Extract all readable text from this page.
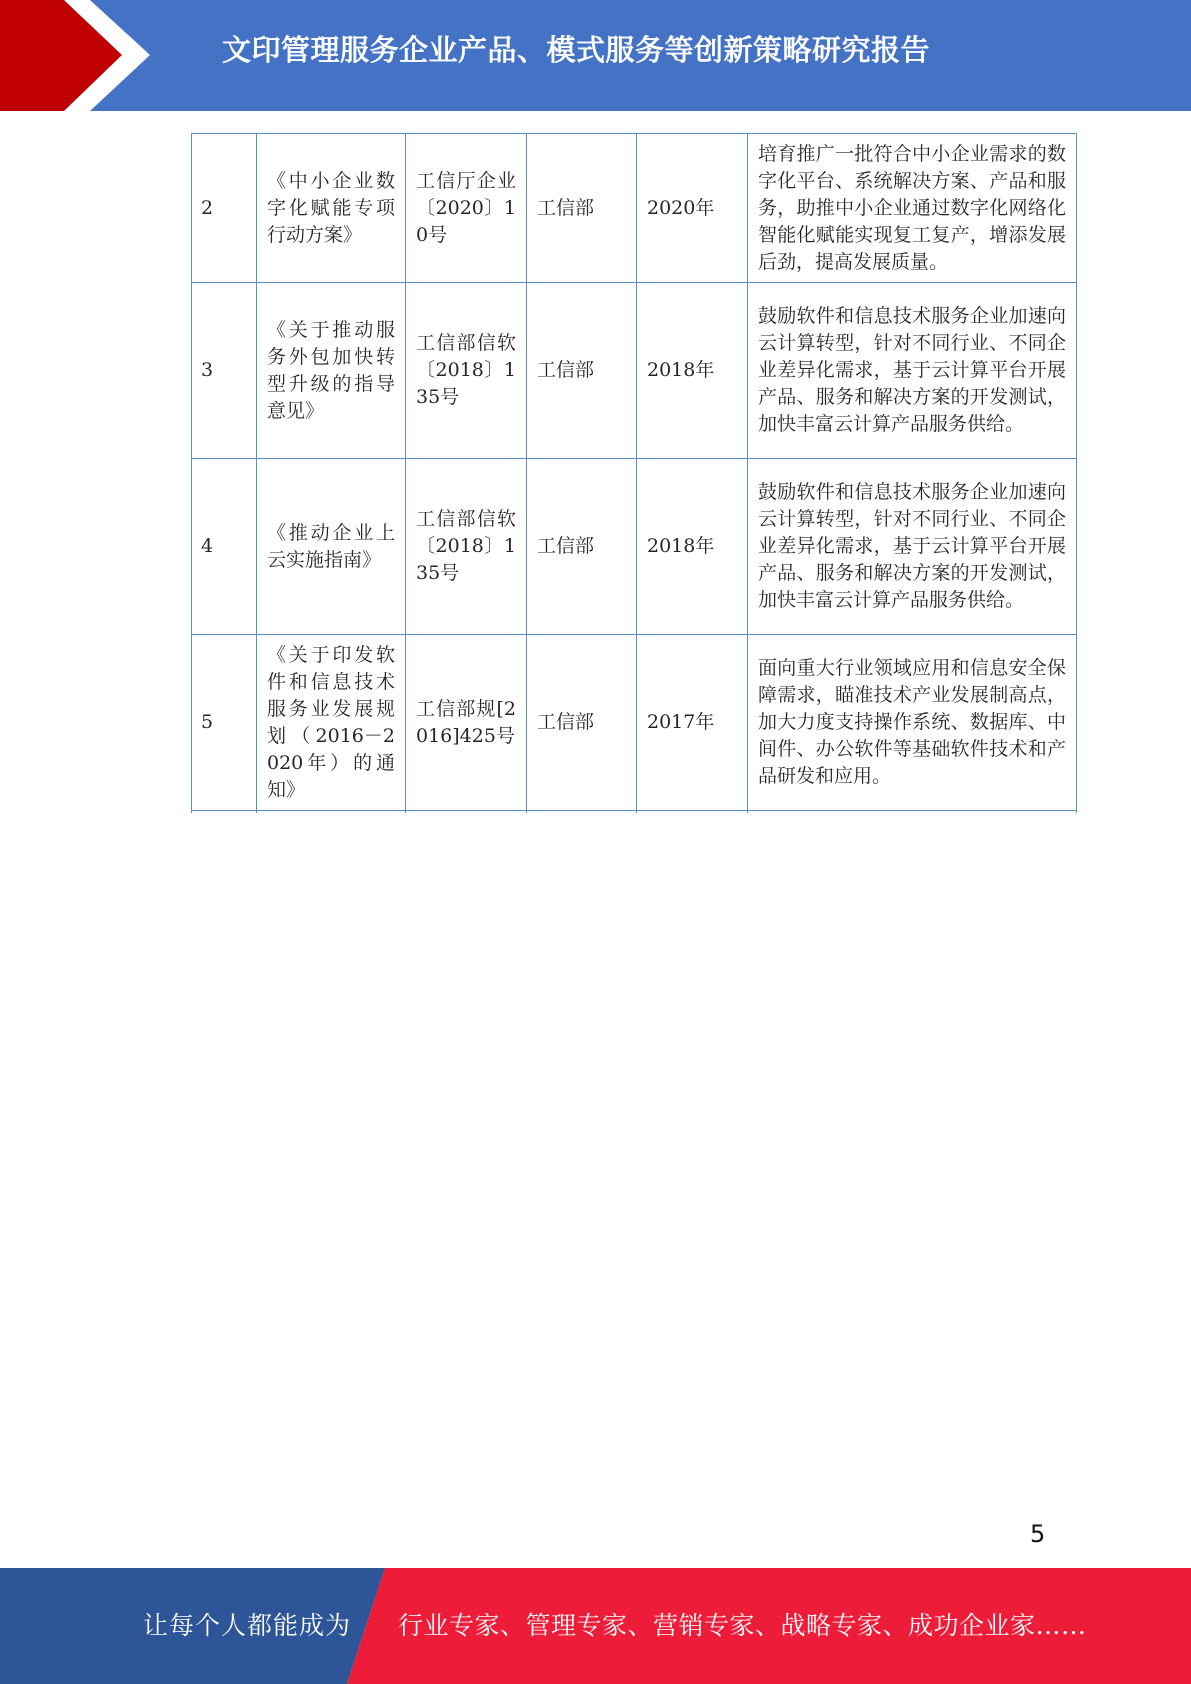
文印管理服务企业产品、模式服务等创新策略研究报告
2	《中小企业数字化赋能专项行动方案》	工信厅企业〔2020〕10号	工信部	2020年	培育推广一批符合中小企业需求的数字化平台、系统解决方案、产品和服务，助推中小企业通过数字化网络化智能化赋能实现复工复产，增添发展后劲，提高发展质量。
3	《关于推动服务外包加快转型升级的指导意见》	工信部信软〔2018〕135号	工信部	2018年	鼓励软件和信息技术服务企业加速向云计算转型，针对不同行业、不同企业差异化需求，基于云计算平台开展产品、服务和解决方案的开发测试，加快丰富云计算产品服务供给。
4	《推动企业上云实施指南》	工信部信软〔2018〕135号	工信部	2018年	鼓励软件和信息技术服务企业加速向云计算转型，针对不同行业、不同企业差异化需求，基于云计算平台开展产品、服务和解决方案的开发测试，加快丰富云计算产品服务供给。
5	《关于印发软件和信息技术服务业发展规划（2016－2020年）的通知》	工信部规[2016]425号	工信部	2017年	面向重大行业领域应用和信息安全保障需求，瞄准技术产业发展制高点，加大力度支持操作系统、数据库、中间件、办公软件等基础软件技术和产品研发和应用。

5
让每个人都能成为 行业专家、管理专家、营销专家、战略专家、成功企业家……
